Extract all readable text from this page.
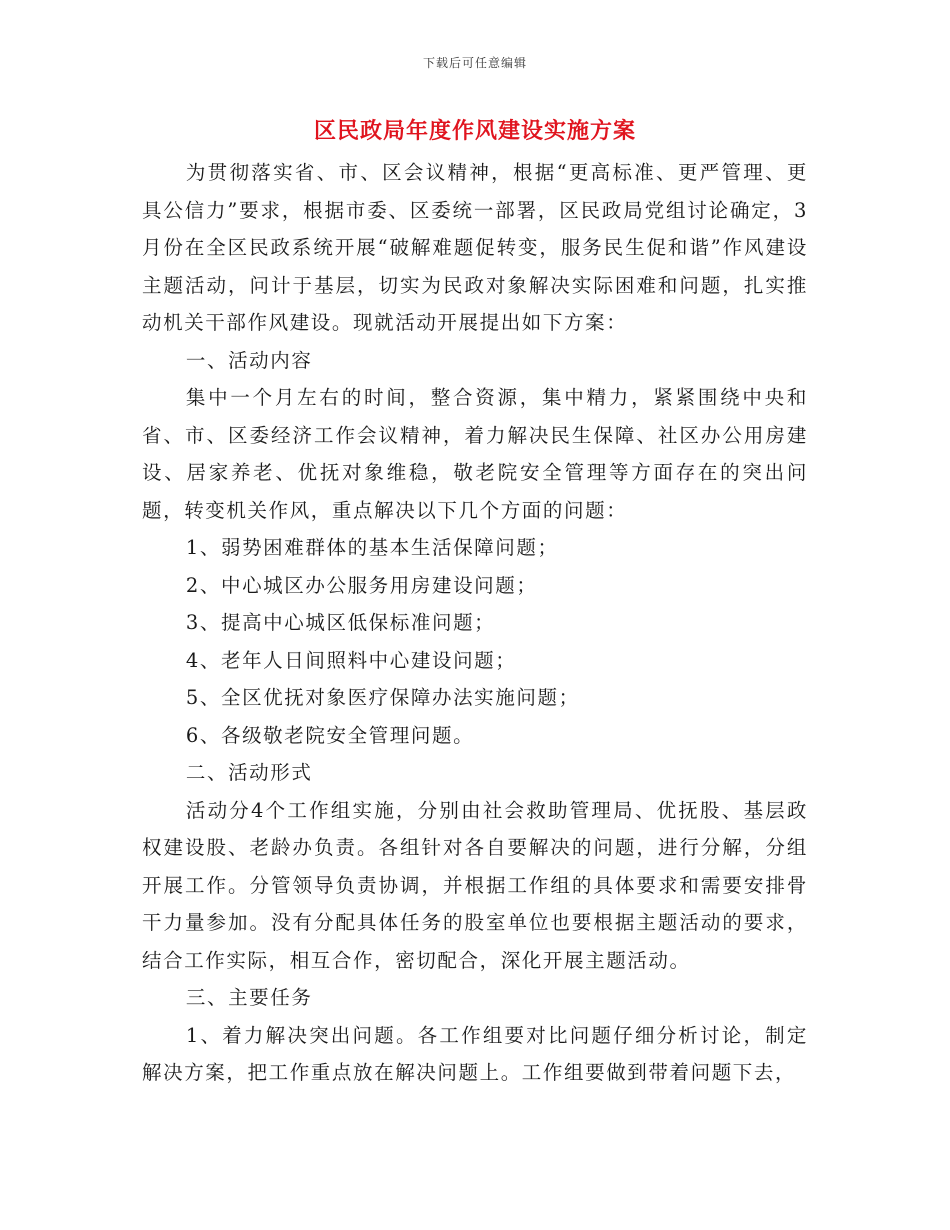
下载后可任意编辑
区民政局年度作风建设实施方案

为贯彻落实省、市、区会议精神，根据“更高标准、更严管理、更具公信力”要求，根据市委、区委统一部署，区民政局党组讨论确定，3月份在全区民政系统开展“破解难题促转变，服务民生促和谐”作风建设主题活动，问计于基层，切实为民政对象解决实际困难和问题，扎实推动机关干部作风建设。现就活动开展提出如下方案：

一、活动内容

集中一个月左右的时间，整合资源，集中精力，紧紧围绕中央和省、市、区委经济工作会议精神，着力解决民生保障、社区办公用房建设、居家养老、优抚对象维稳，敬老院安全管理等方面存在的突出问题，转变机关作风，重点解决以下几个方面的问题：

1、弱势困难群体的基本生活保障问题；

2、中心城区办公服务用房建设问题；

3、提高中心城区低保标准问题；

4、老年人日间照料中心建设问题；

5、全区优抚对象医疗保障办法实施问题；

6、各级敬老院安全管理问题。

二、活动形式

活动分4个工作组实施，分别由社会救助管理局、优抚股、基层政权建设股、老龄办负责。各组针对各自要解决的问题，进行分解，分组开展工作。分管领导负责协调，并根据工作组的具体要求和需要安排骨干力量参加。没有分配具体任务的股室单位也要根据主题活动的要求，结合工作实际，相互合作，密切配合，深化开展主题活动。

三、主要任务

1、着力解决突出问题。各工作组要对比问题仔细分析讨论，制定解决方案，把工作重点放在解决问题上。工作组要做到带着问题下去，
